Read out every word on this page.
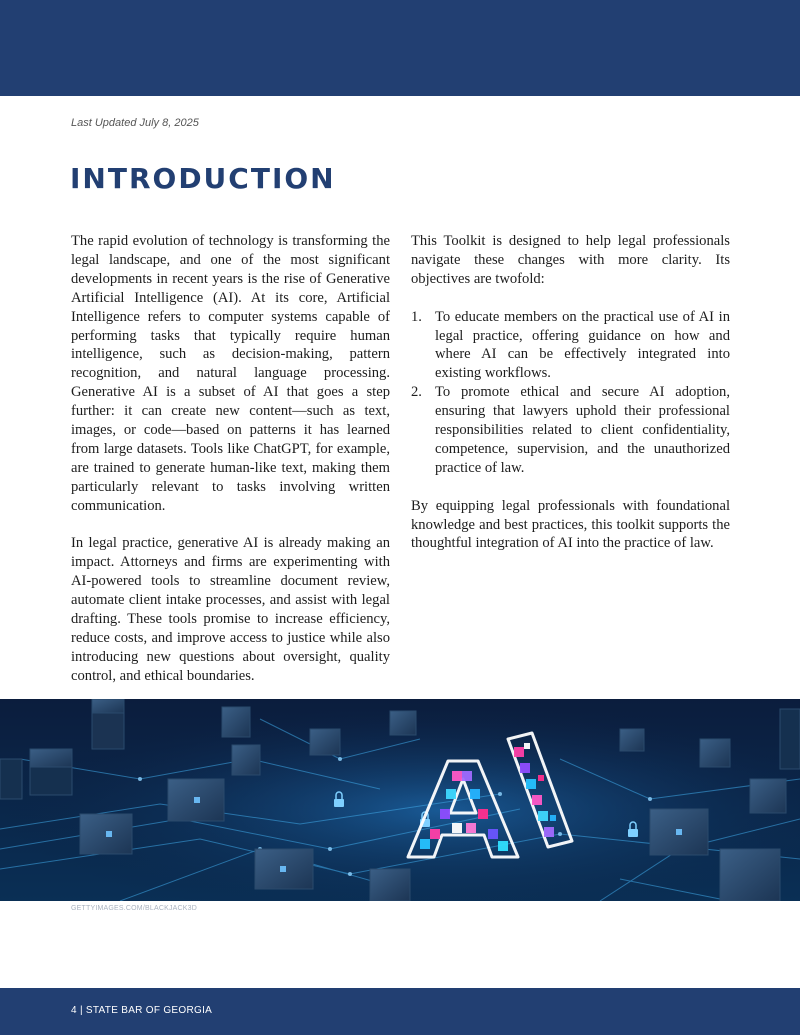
Last Updated July 8, 2025
INTRODUCTION

The rapid evolution of technology is transforming the legal landscape, and one of the most significant developments in recent years is the rise of Generative Artificial Intelligence (AI). At its core, Artificial Intelligence refers to computer systems capable of performing tasks that typically require human intelligence, such as decision-making, pattern recognition, and natural language processing. Generative AI is a subset of AI that goes a step further: it can create new content—such as text, images, or code—based on patterns it has learned from large datasets. Tools like ChatGPT, for example, are trained to generate human-like text, making them particularly relevant to tasks involving written communication.

In legal practice, generative AI is already making an impact. Attorneys and firms are experimenting with AI-powered tools to streamline document review, automate client intake processes, and assist with legal drafting. These tools promise to increase efficiency, reduce costs, and improve access to justice while also introducing new questions about oversight, quality control, and ethical boundaries.

This Toolkit is designed to help legal professionals navigate these changes with more clarity. Its objectives are twofold:

1. To educate members on the practical use of AI in legal practice, offering guidance on how and where AI can be effectively integrated into existing workflows.
2. To promote ethical and secure AI adoption, ensuring that lawyers uphold their professional responsibilities related to client confidentiality, competence, supervision, and the unauthorized practice of law.

By equipping legal professionals with foundational knowledge and best practices, this toolkit supports the thoughtful integration of AI into the practice of law.

GETTYIMAGES.COM/BLACKJACK3D
4 | STATE BAR OF GEORGIA
